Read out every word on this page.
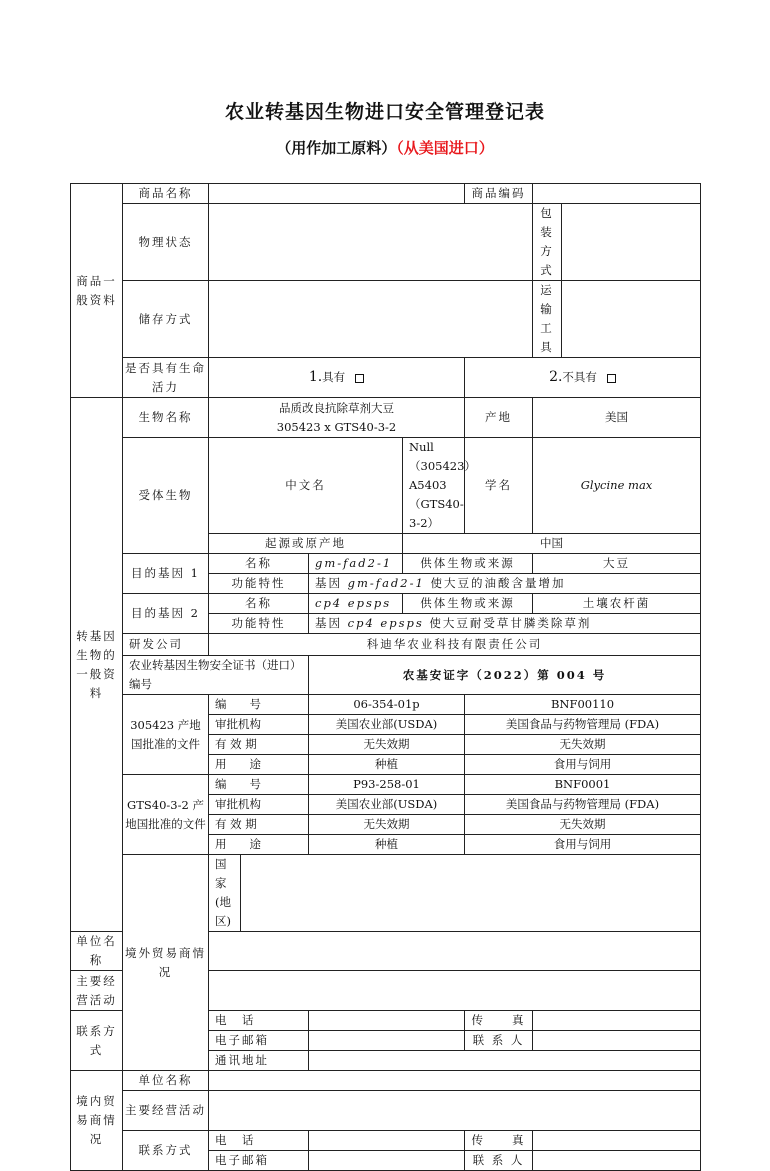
农业转基因生物进口安全管理登记表
（用作加工原料）（从美国进口）
商品一般资料	商品名称					商品编码		
	物理状态						包装方式	
	储存方式						运输工具	
	是否具有生命活力	1.具有				2.不具有		

转基因生物的一般资料	生物名称	品质改良抗除草剂大豆
305423 x GTS40-3-2				产地	美国	

	受体生物	中文名			Null（305423）
A5403（GTS40-3-2）	学名	Glycine max	

		起源或原产地			中国			
	目的基因 1	名称		gm-fad2-1	供体生物或来源		大豆	
		功能特性		基因 gm-fad2-1 使大豆的油酸含量增加				
	目的基因 2	名称		cp4 epsps	供体生物或来源		土壤农杆菌	
		功能特性		基因 cp4 epsps 使大豆耐受草甘膦类除草剂				
	研发公司	科迪华农业科技有限责任公司						
	农业转基因生物安全证书（进口）编号			农基安证字（2022）第 004 号				
	305423 产地国批准的文件	编　　号		06-354-01p		BNF00110		
		审批机构		美国农业部(USDA)		美国食品与药物管理局 (FDA)		
		有 效 期		无失效期		无失效期		
		用　　途		种植		食用与饲用		
	GTS40-3-2 产地国批准的文件	编　　号		P93-258-01		BNF0001		
		审批机构		美国农业部(USDA)		美国食品与药物管理局 (FDA)		
		有 效 期		无失效期		无失效期		
		用　　途		种植		食用与饲用		
	境外贸易商情况	国 家(地区)						
单位名称								
主要经营活动								

联系方式		电　话				传　　真		
		电子邮箱				联 系 人		
		通讯地址						
境内贸易商情况	单位名称							
	主要经营活动							

	联系方式	电　话				传　　真		
		电子邮箱				联 系 人		
